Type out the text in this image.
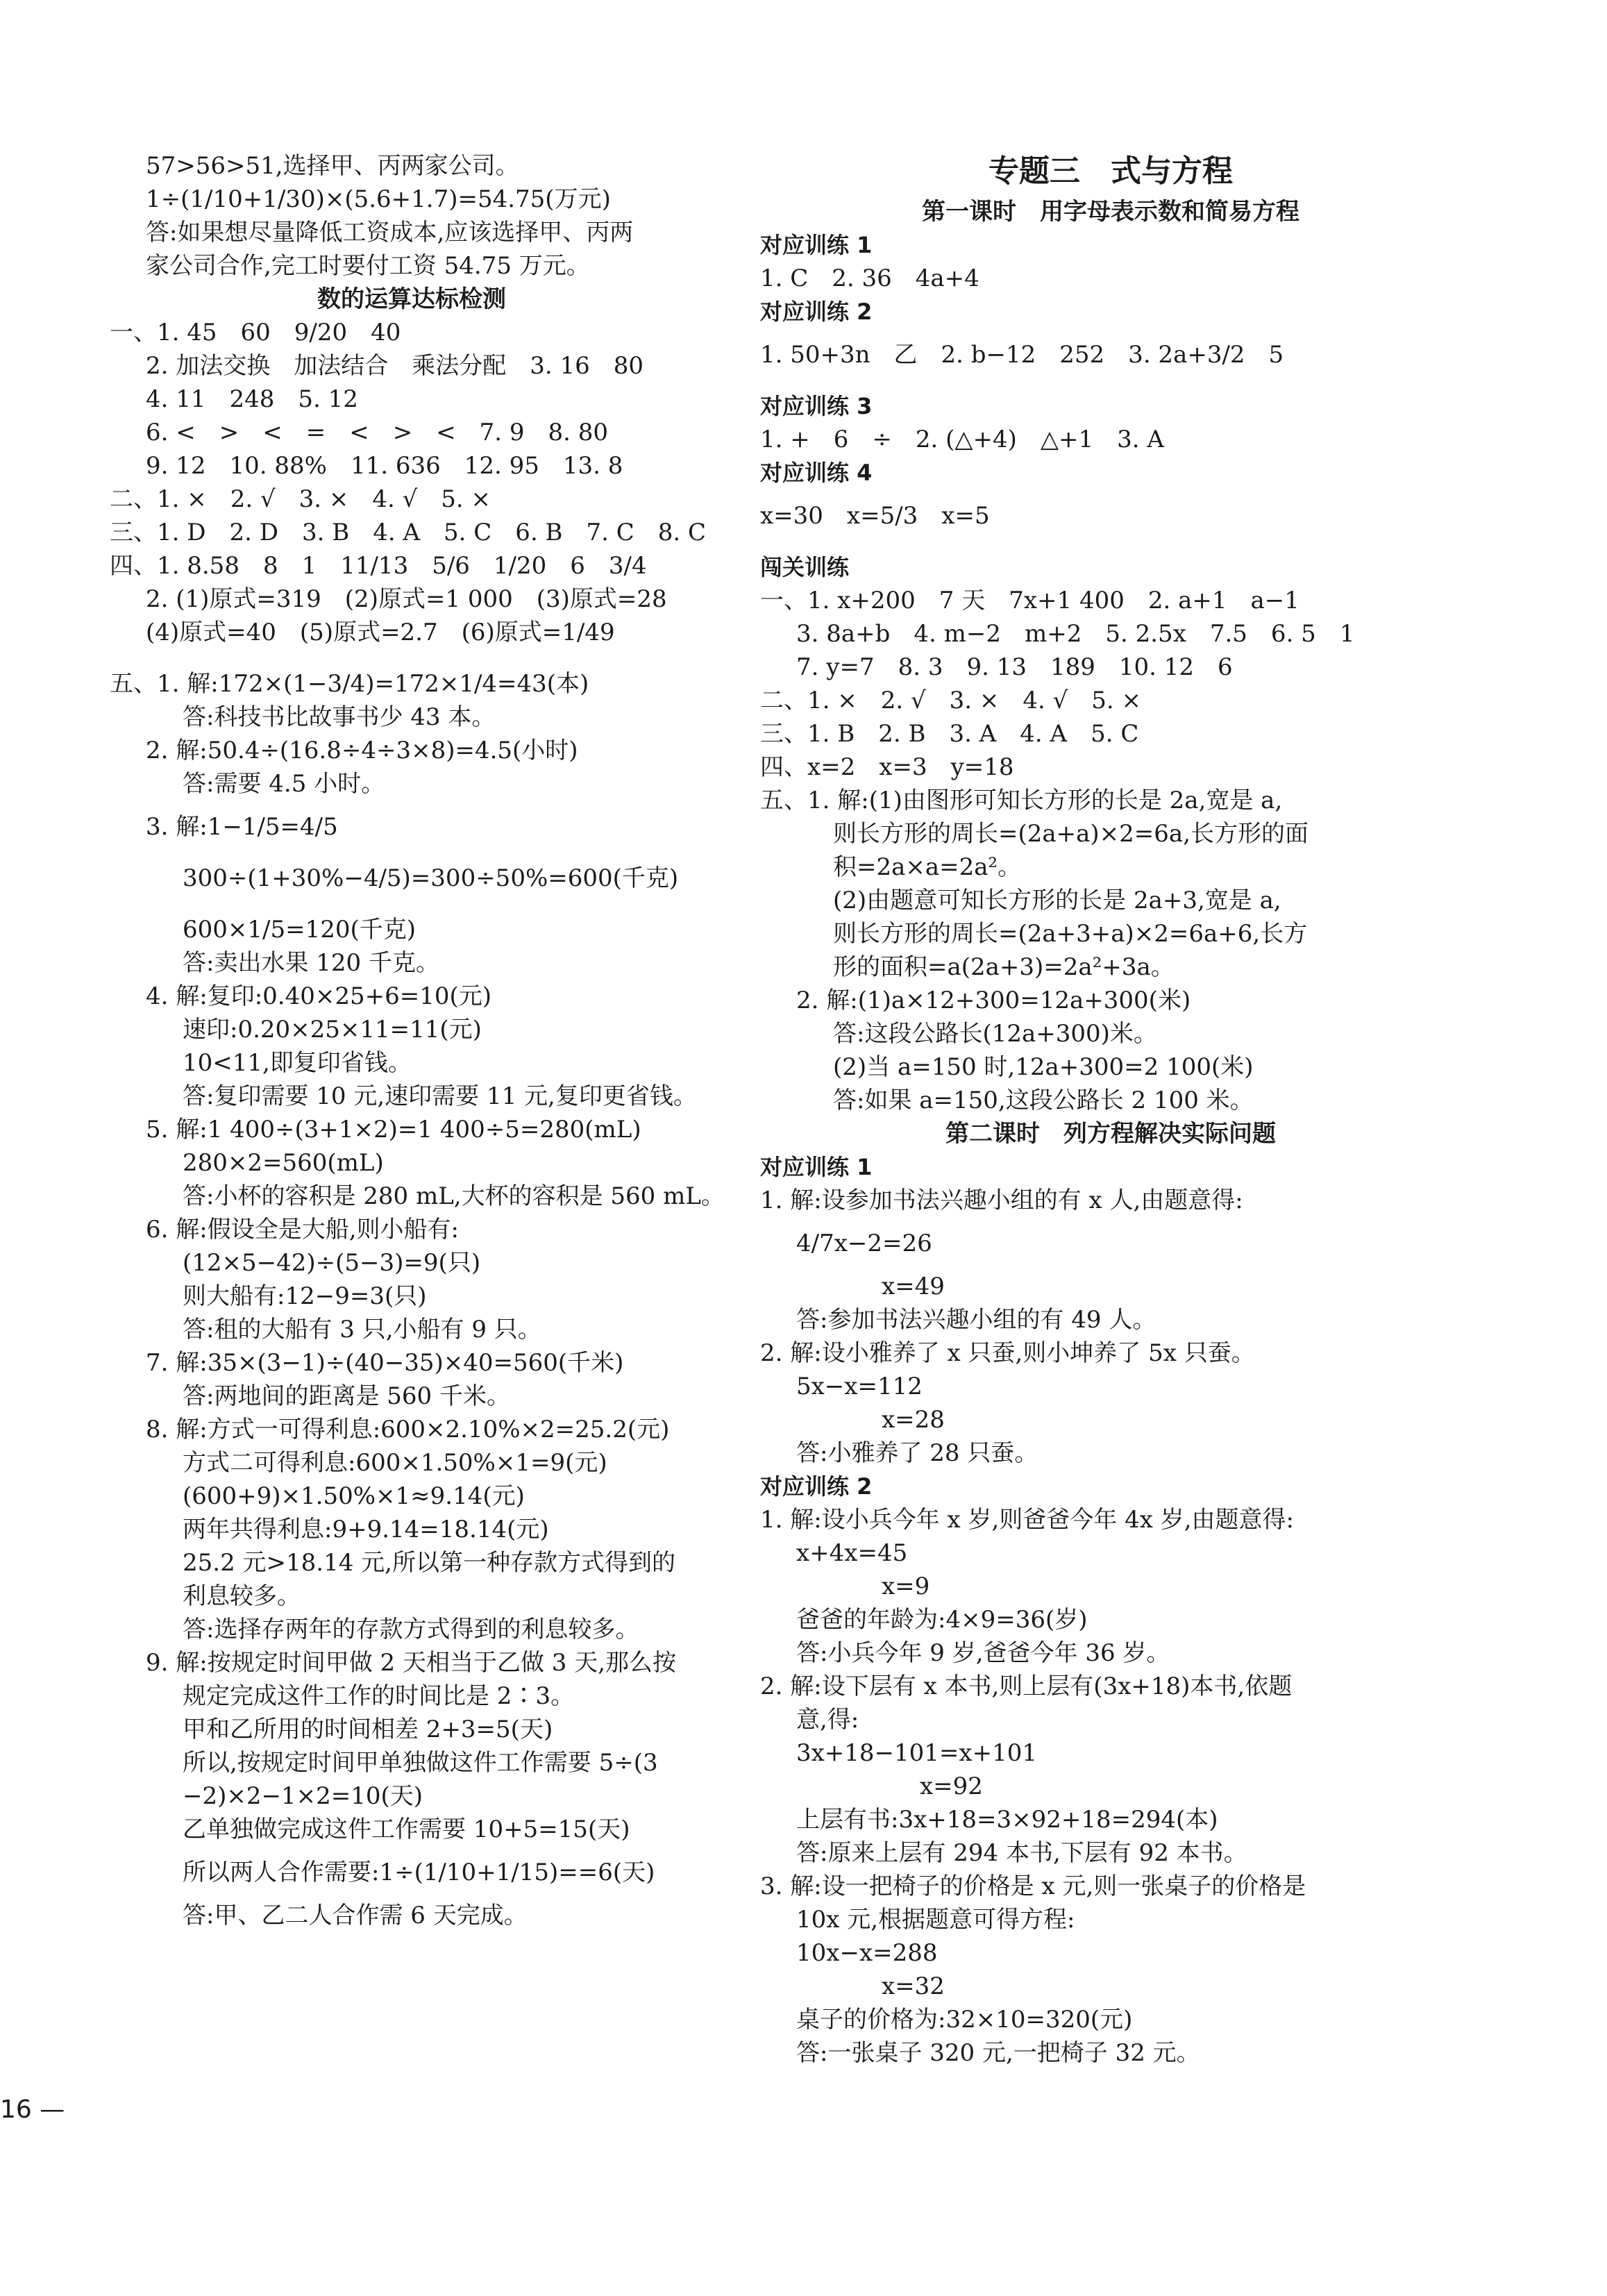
57>56>51,选择甲、丙两家公司。
1÷(1/10+1/30)×(5.6+1.7)=54.75(万元)
答:如果想尽量降低工资成本,应该选择甲、丙两
家公司合作,完工时要付工资 54.75 万元。
数的运算达标检测
一、1. 45　60　9/20　40
2. 加法交换　加法结合　乘法分配　3. 16　80
4. 11　248　5. 12
6. <　>　<　=　<　>　<　7. 9　8. 80
9. 12　10. 88%　11. 636　12. 95　13. 8
二、1. ×　2. √　3. ×　4. √　5. ×
三、1. D　2. D　3. B　4. A　5. C　6. B　7. C　8. C
四、1. 8.58　8　1　11/13　5/6　1/20　6　3/4
2. (1)原式=319　(2)原式=1 000　(3)原式=28
(4)原式=40　(5)原式=2.7　(6)原式=1/49
五、1. 解:172×(1−3/4)=172×1/4=43(本)
答:科技书比故事书少 43 本。
2. 解:50.4÷(16.8÷4÷3×8)=4.5(小时)
答:需要 4.5 小时。
3. 解:1−1/5=4/5
300÷(1+30%−4/5)=300÷50%=600(千克)
600×1/5=120(千克)
答:卖出水果 120 千克。
4. 解:复印:0.40×25+6=10(元)
速印:0.20×25×11=11(元)
10<11,即复印省钱。
答:复印需要 10 元,速印需要 11 元,复印更省钱。
5. 解:1 400÷(3+1×2)=1 400÷5=280(mL)
280×2=560(mL)
答:小杯的容积是 280 mL,大杯的容积是 560 mL。
6. 解:假设全是大船,则小船有:
(12×5−42)÷(5−3)=9(只)
则大船有:12−9=3(只)
答:租的大船有 3 只,小船有 9 只。
7. 解:35×(3−1)÷(40−35)×40=560(千米)
答:两地间的距离是 560 千米。
8. 解:方式一可得利息:600×2.10%×2=25.2(元)
方式二可得利息:600×1.50%×1=9(元)
(600+9)×1.50%×1≈9.14(元)
两年共得利息:9+9.14=18.14(元)
25.2 元>18.14 元,所以第一种存款方式得到的
利息较多。
答:选择存两年的存款方式得到的利息较多。
9. 解:按规定时间甲做 2 天相当于乙做 3 天,那么按
规定完成这件工作的时间比是 2∶3。
甲和乙所用的时间相差 2+3=5(天)
所以,按规定时间甲单独做这件工作需要 5÷(3
−2)×2−1×2=10(天)
乙单独做完成这件工作需要 10+5=15(天)
所以两人合作需要:1÷(1/10+1/15)==6(天)
答:甲、乙二人合作需 6 天完成。
专题三　式与方程
第一课时　用字母表示数和简易方程
对应训练 1
1. C　2. 36　4a+4
对应训练 2
1. 50+3n　乙　2. b−12　252　3. 2a+3/2　5
对应训练 3
1. +　6　÷　2. (△+4)　△+1　3. A
对应训练 4
x=30　x=5/3　x=5
闯关训练
一、1. x+200　7 天　7x+1 400　2. a+1　a−1
3. 8a+b　4. m−2　m+2　5. 2.5x　7.5　6. 5　1
7. y=7　8. 3　9. 13　189　10. 12　6
二、1. ×　2. √　3. ×　4. √　5. ×
三、1. B　2. B　3. A　4. A　5. C
四、x=2　x=3　y=18
五、1. 解:(1)由图形可知长方形的长是 2a,宽是 a,
则长方形的周长=(2a+a)×2=6a,长方形的面
积=2a×a=2a²。
(2)由题意可知长方形的长是 2a+3,宽是 a,
则长方形的周长=(2a+3+a)×2=6a+6,长方
形的面积=a(2a+3)=2a²+3a。
2. 解:(1)a×12+300=12a+300(米)
答:这段公路长(12a+300)米。
(2)当 a=150 时,12a+300=2 100(米)
答:如果 a=150,这段公路长 2 100 米。
第二课时　列方程解决实际问题
对应训练 1
1. 解:设参加书法兴趣小组的有 x 人,由题意得:
4/7x−2=26
x=49
答:参加书法兴趣小组的有 49 人。
2. 解:设小雅养了 x 只蚕,则小坤养了 5x 只蚕。
5x−x=112
x=28
答:小雅养了 28 只蚕。
对应训练 2
1. 解:设小兵今年 x 岁,则爸爸今年 4x 岁,由题意得:
x+4x=45
x=9
爸爸的年龄为:4×9=36(岁)
答:小兵今年 9 岁,爸爸今年 36 岁。
2. 解:设下层有 x 本书,则上层有(3x+18)本书,依题
意,得:
3x+18−101=x+101
x=92
上层有书:3x+18=3×92+18=294(本)
答:原来上层有 294 本书,下层有 92 本书。
3. 解:设一把椅子的价格是 x 元,则一张桌子的价格是
10x 元,根据题意可得方程:
10x−x=288
x=32
桌子的价格为:32×10=320(元)
答:一张桌子 320 元,一把椅子 32 元。
16 —
